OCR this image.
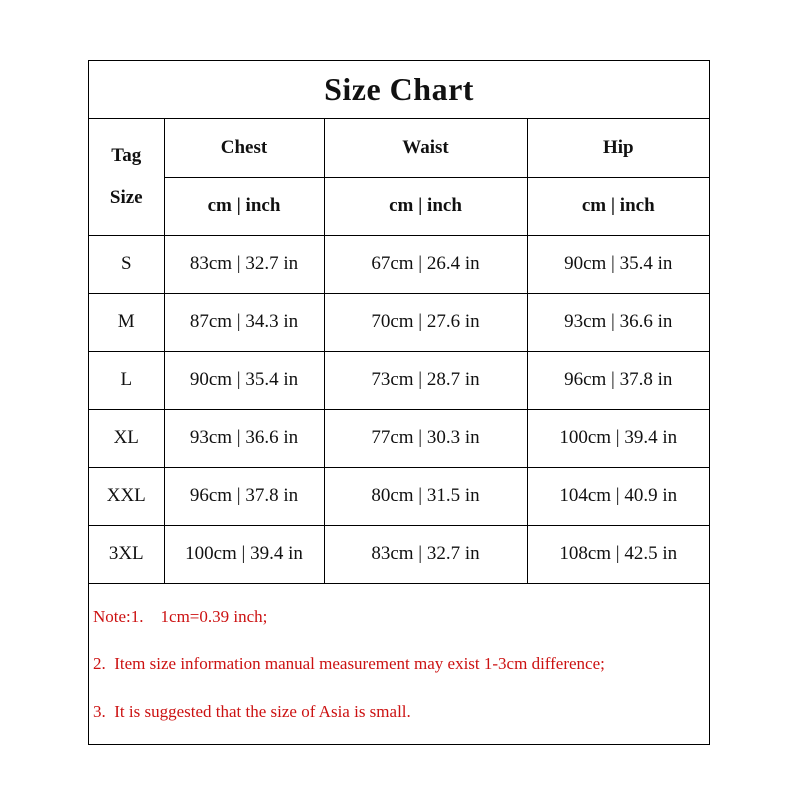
Size Chart
Tag
Size	Chest	Waist	Hip
	cm | inch	cm | inch	cm | inch
S	83cm | 32.7 in	67cm | 26.4 in	90cm | 35.4 in
M	87cm | 34.3 in	70cm | 27.6 in	93cm | 36.6 in
L	90cm | 35.4 in	73cm | 28.7 in	96cm | 37.8 in
XL	93cm | 36.6 in	77cm | 30.3 in	100cm | 39.4 in
XXL	96cm | 37.8 in	80cm | 31.5 in	104cm | 40.9 in
3XL	100cm | 39.4 in	83cm | 32.7 in	108cm | 42.5 in
Note:1.    1cm=0.39 inch;
2.  Item size information manual measurement may exist 1-3cm difference;
3.  It is suggested that the size of Asia is small.
